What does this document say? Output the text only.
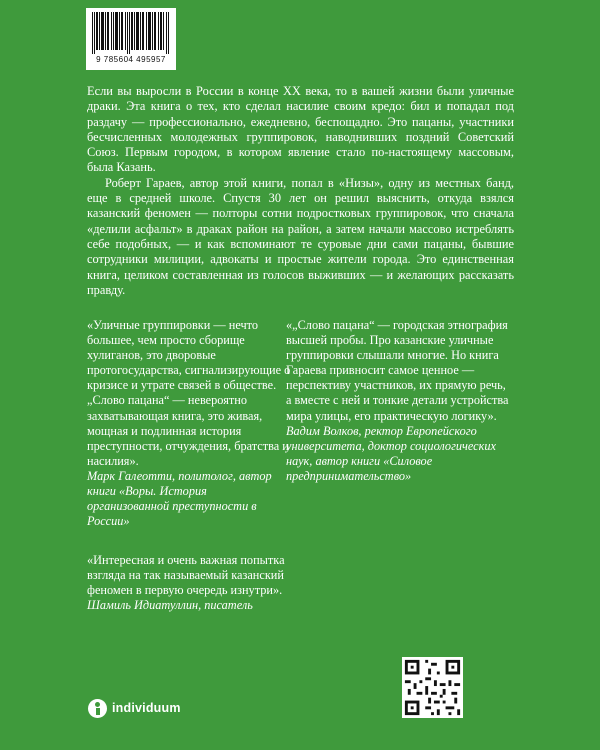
9 785604 495957

Если вы выросли в России в конце XX века, то в вашей жизни были уличные драки. Эта книга о тех, кто сделал насилие своим кредо: бил и попадал под раздачу — профессионально, ежедневно, беспощадно. Это пацаны, участники бесчисленных молодежных группировок, наводнивших поздний Советский Союз. Первым городом, в котором явление стало по-настоящему массовым, была Казань.

Роберт Гараев, автор этой книги, попал в «Низы», одну из местных банд, еще в средней школе. Спустя 30 лет он решил выяснить, откуда взялся казанский феномен — полторы сотни подростковых группировок, что сначала «делили асфальт» в драках район на район, а затем начали массово истреблять себе подобных, — и как вспоминают те суровые дни сами пацаны, бывшие сотрудники милиции, адвокаты и простые жители города. Это единственная книга, целиком составленная из голосов выживших — и желающих рассказать правду.

«Уличные группировки — нечто большее, чем просто сборище хулиганов, это дворовые протогосударства, сигнализирующие о кризисе и утрате связей в обществе. „Слово пацана“ — невероятно захватывающая книга, это живая, мощная и подлинная история преступности, отчуждения, братства и насилия».
Марк Галеотти, политолог, автор книги «Воры. История организованной преступности в России»
«„Слово пацана“ — городская этнография высшей пробы. Про казанские уличные группировки слышали многие. Но книга Гараева привносит самое ценное — перспективу участников, их прямую речь, а вместе с ней и тонкие детали устройства мира улицы, его практическую логику».
Вадим Волков, ректор Европейского университета, доктор социологических наук, автор книги «Силовое предпринимательство»
«Интересная и очень важная попытка взгляда на так называемый казанский феномен в первую очередь изнутри».
Шамиль Идиатуллин, писатель
individuum
